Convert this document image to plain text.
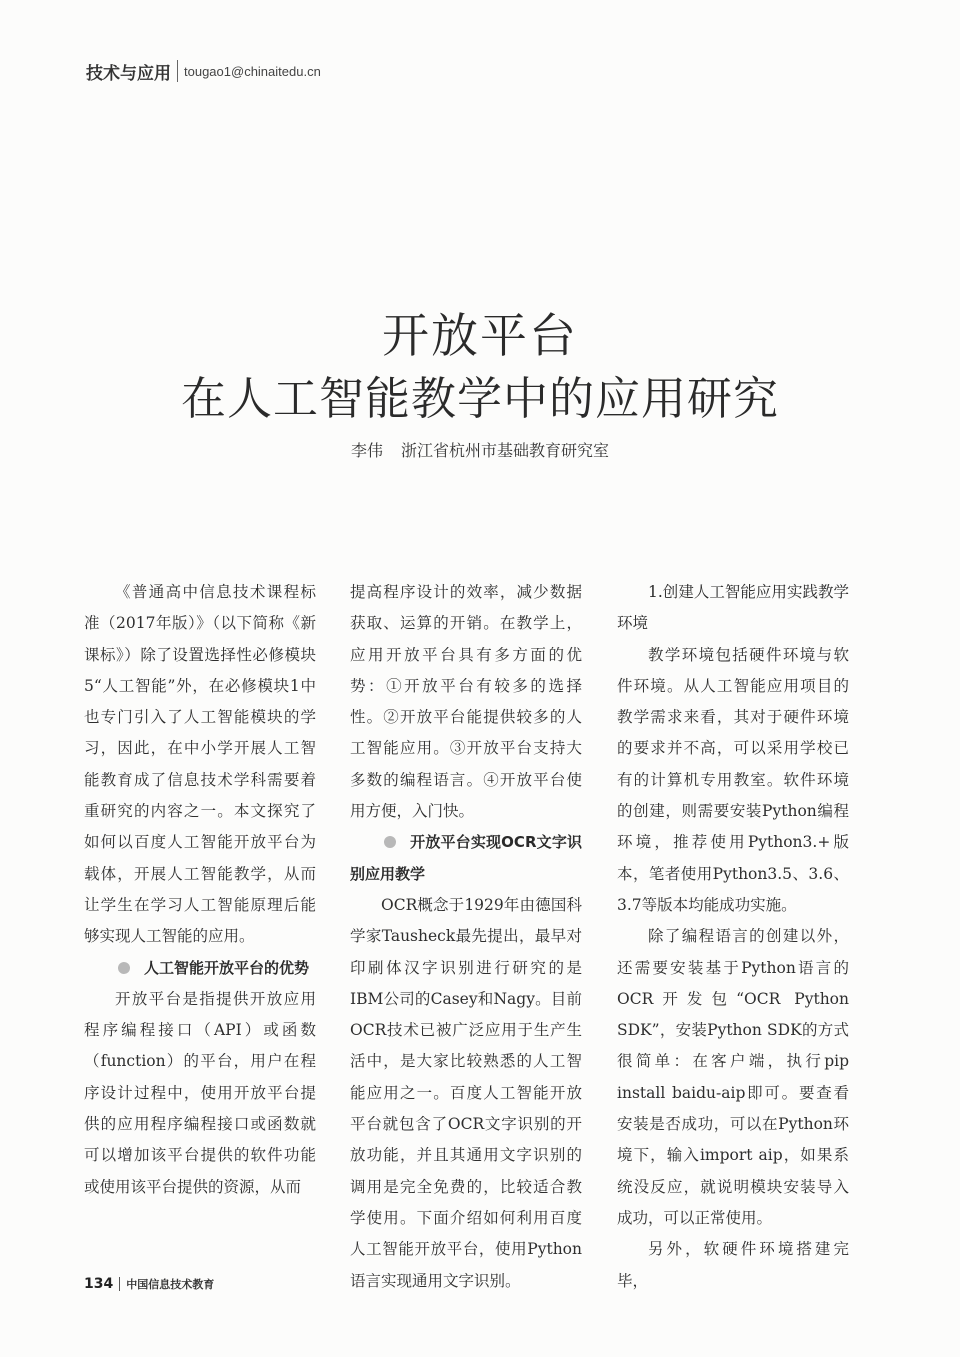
技术与应用 tougao1@chinaitedu.cn
开放平台
在人工智能教学中的应用研究
李伟 浙江省杭州市基础教育研究室

《普通高中信息技术课程标准（2017年版）》（以下简称《新课标》）除了设置选择性必修模块5“人工智能”外，在必修模块1中也专门引入了人工智能模块的学习，因此，在中小学开展人工智能教育成了信息技术学科需要着重研究的内容之一。本文探究了如何以百度人工智能开放平台为载体，开展人工智能教学，从而让学生在学习人工智能原理后能够实现人工智能的应用。

人工智能开放平台的优势

开放平台是指提供开放应用程序编程接口（API）或函数（function）的平台，用户在程序设计过程中，使用开放平台提供的应用程序编程接口或函数就可以增加该平台提供的软件功能或使用该平台提供的资源，从而

提高程序设计的效率，减少数据获取、运算的开销。在教学上，应用开放平台具有多方面的优势：①开放平台有较多的选择性。②开放平台能提供较多的人工智能应用。③开放平台支持大多数的编程语言。④开放平台使用方便，入门快。

开放平台实现OCR文字识别应用教学

OCR概念于1929年由德国科学家Tausheck最先提出，最早对印刷体汉字识别进行研究的是IBM公司的Casey和Nagy。目前OCR技术已被广泛应用于生产生活中，是大家比较熟悉的人工智能应用之一。百度人工智能开放平台就包含了OCR文字识别的开放功能，并且其通用文字识别的调用是完全免费的，比较适合教学使用。下面介绍如何利用百度人工智能开放平台，使用Python语言实现通用文字识别。

1.创建人工智能应用实践教学环境

教学环境包括硬件环境与软件环境。从人工智能应用项目的教学需求来看，其对于硬件环境的要求并不高，可以采用学校已有的计算机专用教室。软件环境的创建，则需要安装Python编程环境，推荐使用Python3.+版本，笔者使用Python3.5、3.6、3.7等版本均能成功实施。

除了编程语言的创建以外，还需要安装基于Python语言的OCR开发包“OCR Python SDK”，安装Python SDK的方式很简单：在客户端，执行pip install baidu-aip即可。要查看安装是否成功，可以在Python环境下，输入import aip，如果系统没反应，就说明模块安装导入成功，可以正常使用。

另外，软硬件环境搭建完毕，

134 中国信息技术教育
